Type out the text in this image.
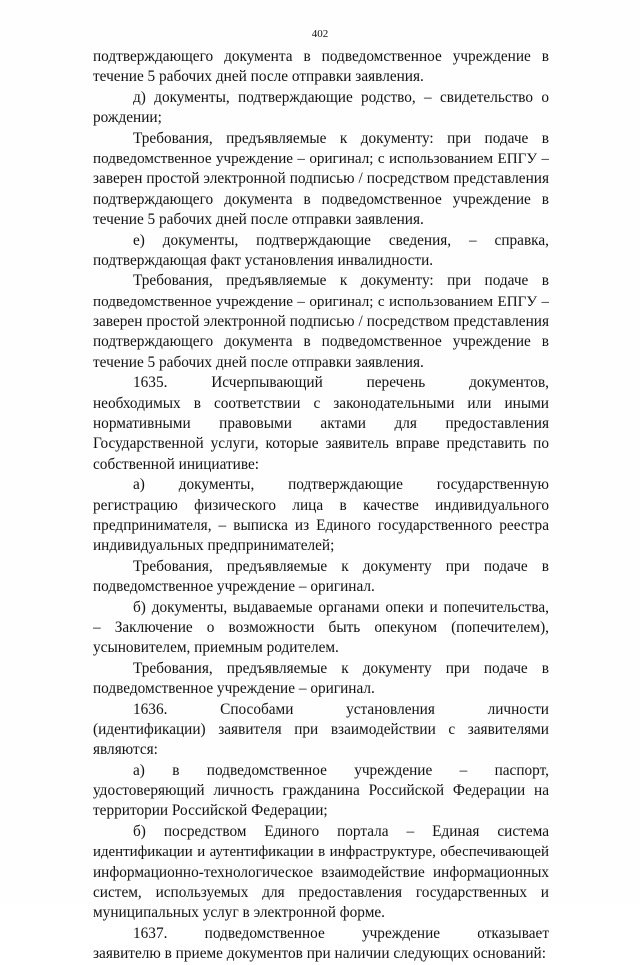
402
подтверждающего документа в подведомственное учреждение в
течение 5 рабочих дней после отправки заявления.
д) документы, подтверждающие родство, – свидетельство о
рождении;
Требования, предъявляемые к документу: при подаче в
подведомственное учреждение – оригинал; с использованием ЕПГУ –
заверен простой электронной подписью / посредством представления
подтверждающего документа в подведомственное учреждение в
течение 5 рабочих дней после отправки заявления.
е) документы, подтверждающие сведения, – справка,
подтверждающая факт установления инвалидности.
Требования, предъявляемые к документу: при подаче в
подведомственное учреждение – оригинал; с использованием ЕПГУ –
заверен простой электронной подписью / посредством представления
подтверждающего документа в подведомственное учреждение в
течение 5 рабочих дней после отправки заявления.
1635. Исчерпывающий перечень документов,
необходимых в соответствии с законодательными или иными
нормативными правовыми актами для предоставления
Государственной услуги, которые заявитель вправе представить по
собственной инициативе:
а) документы, подтверждающие государственную
регистрацию физического лица в качестве индивидуального
предпринимателя, – выписка из Единого государственного реестра
индивидуальных предпринимателей;
Требования, предъявляемые к документу при подаче в
подведомственное учреждение – оригинал.
б) документы, выдаваемые органами опеки и попечительства,
– Заключение о возможности быть опекуном (попечителем),
усыновителем, приемным родителем.
Требования, предъявляемые к документу при подаче в
подведомственное учреждение – оригинал.
1636. Способами установления личности
(идентификации) заявителя при взаимодействии с заявителями
являются:
а) в подведомственное учреждение – паспорт,
удостоверяющий личность гражданина Российской Федерации на
территории Российской Федерации;
б) посредством Единого портала – Единая система
идентификации и аутентификации в инфраструктуре, обеспечивающей
информационно-технологическое взаимодействие информационных
систем, используемых для предоставления государственных и
муниципальных услуг в электронной форме.
1637. подведомственное учреждение отказывает
заявителю в приеме документов при наличии следующих оснований:
